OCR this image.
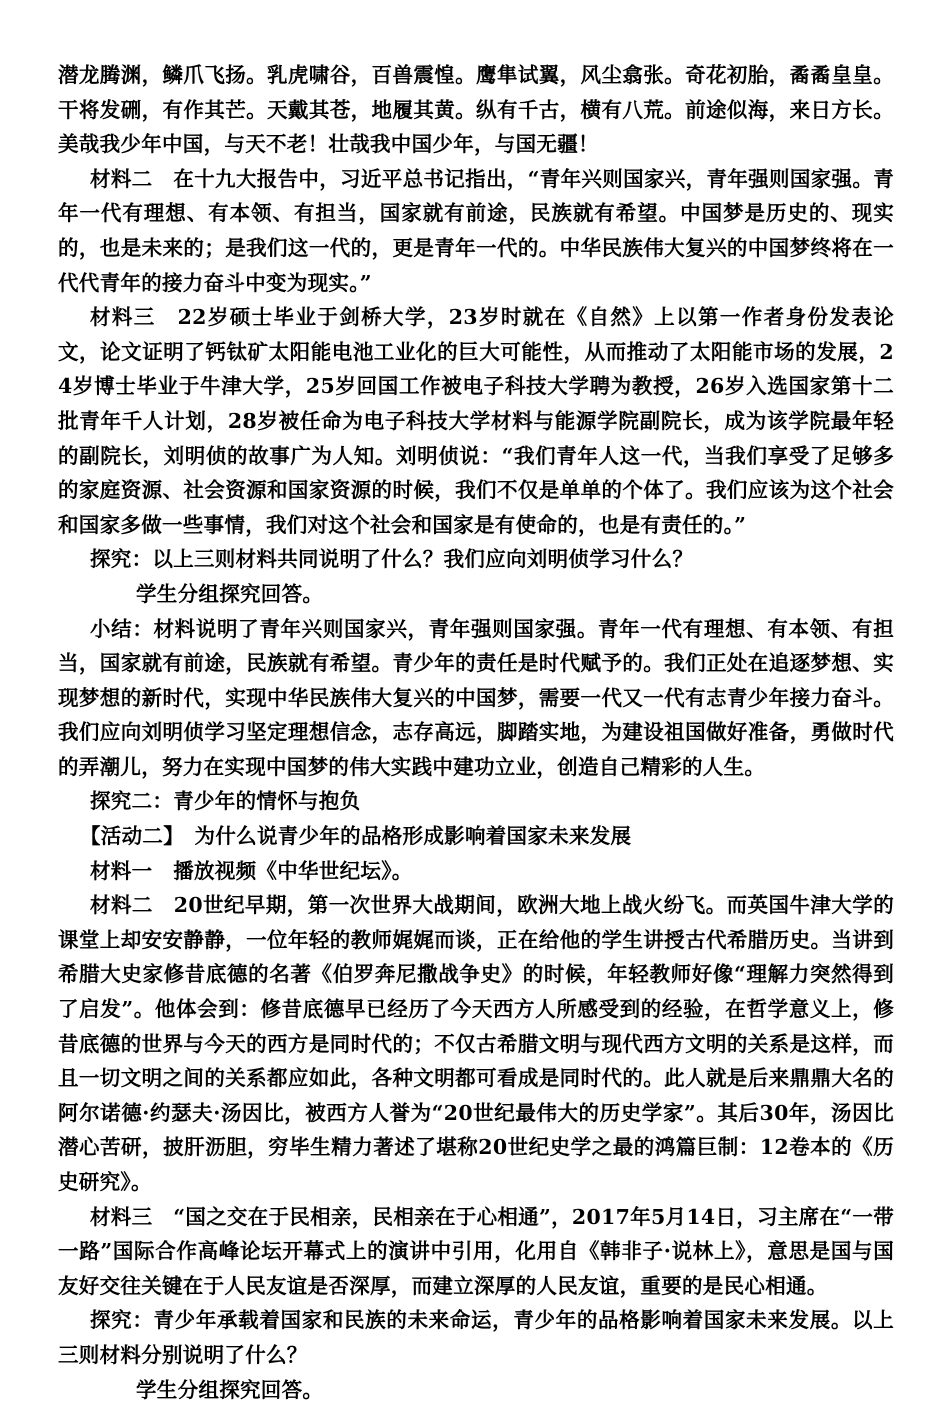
潜龙腾渊，鳞爪飞扬。乳虎啸谷，百兽震惶。鹰隼试翼，风尘翕张。奇花初胎，矞矞皇皇。干将发硎，有作其芒。天戴其苍，地履其黄。纵有千古，横有八荒。前途似海，来日方长。美哉我少年中国，与天不老！壮哉我中国少年，与国无疆！

材料二　在十九大报告中，习近平总书记指出，“青年兴则国家兴，青年强则国家强。青年一代有理想、有本领、有担当，国家就有前途，民族就有希望。中国梦是历史的、现实的，也是未来的；是我们这一代的，更是青年一代的。中华民族伟大复兴的中国梦终将在一代代青年的接力奋斗中变为现实。”

材料三　22岁硕士毕业于剑桥大学，23岁时就在《自然》上以第一作者身份发表论文，论文证明了钙钛矿太阳能电池工业化的巨大可能性，从而推动了太阳能市场的发展，24岁博士毕业于牛津大学，25岁回国工作被电子科技大学聘为教授，26岁入选国家第十二批青年千人计划，28岁被任命为电子科技大学材料与能源学院副院长，成为该学院最年轻的副院长，刘明侦的故事广为人知。刘明侦说：“我们青年人这一代，当我们享受了足够多的家庭资源、社会资源和国家资源的时候，我们不仅是单单的个体了。我们应该为这个社会和国家多做一些事情，我们对这个社会和国家是有使命的，也是有责任的。”

探究：以上三则材料共同说明了什么？我们应向刘明侦学习什么？

学生分组探究回答。

小结：材料说明了青年兴则国家兴，青年强则国家强。青年一代有理想、有本领、有担当，国家就有前途，民族就有希望。青少年的责任是时代赋予的。我们正处在追逐梦想、实现梦想的新时代，实现中华民族伟大复兴的中国梦，需要一代又一代有志青少年接力奋斗。我们应向刘明侦学习坚定理想信念，志存高远，脚踏实地，为建设祖国做好准备，勇做时代的弄潮儿，努力在实现中国梦的伟大实践中建功立业，创造自己精彩的人生。

探究二：青少年的情怀与抱负

【活动二】　为什么说青少年的品格形成影响着国家未来发展

材料一　播放视频《中华世纪坛》。

材料二　20世纪早期，第一次世界大战期间，欧洲大地上战火纷飞。而英国牛津大学的课堂上却安安静静，一位年轻的教师娓娓而谈，正在给他的学生讲授古代希腊历史。当讲到希腊大史家修昔底德的名著《伯罗奔尼撒战争史》的时候，年轻教师好像“理解力突然得到了启发”。他体会到：修昔底德早已经历了今天西方人所感受到的经验，在哲学意义上，修昔底德的世界与今天的西方是同时代的；不仅古希腊文明与现代西方文明的关系是这样，而且一切文明之间的关系都应如此，各种文明都可看成是同时代的。此人就是后来鼎鼎大名的阿尔诺德·约瑟夫·汤因比，被西方人誉为“20世纪最伟大的历史学家”。其后30年，汤因比潜心苦研，披肝沥胆，穷毕生精力著述了堪称20世纪史学之最的鸿篇巨制：12卷本的《历史研究》。

材料三　“国之交在于民相亲，民相亲在于心相通”，2017年5月14日，习主席在“一带一路”国际合作高峰论坛开幕式上的演讲中引用，化用自《韩非子·说林上》，意思是国与国友好交往关键在于人民友谊是否深厚，而建立深厚的人民友谊，重要的是民心相通。

探究：青少年承载着国家和民族的未来命运，青少年的品格影响着国家未来发展。以上三则材料分别说明了什么？

学生分组探究回答。
